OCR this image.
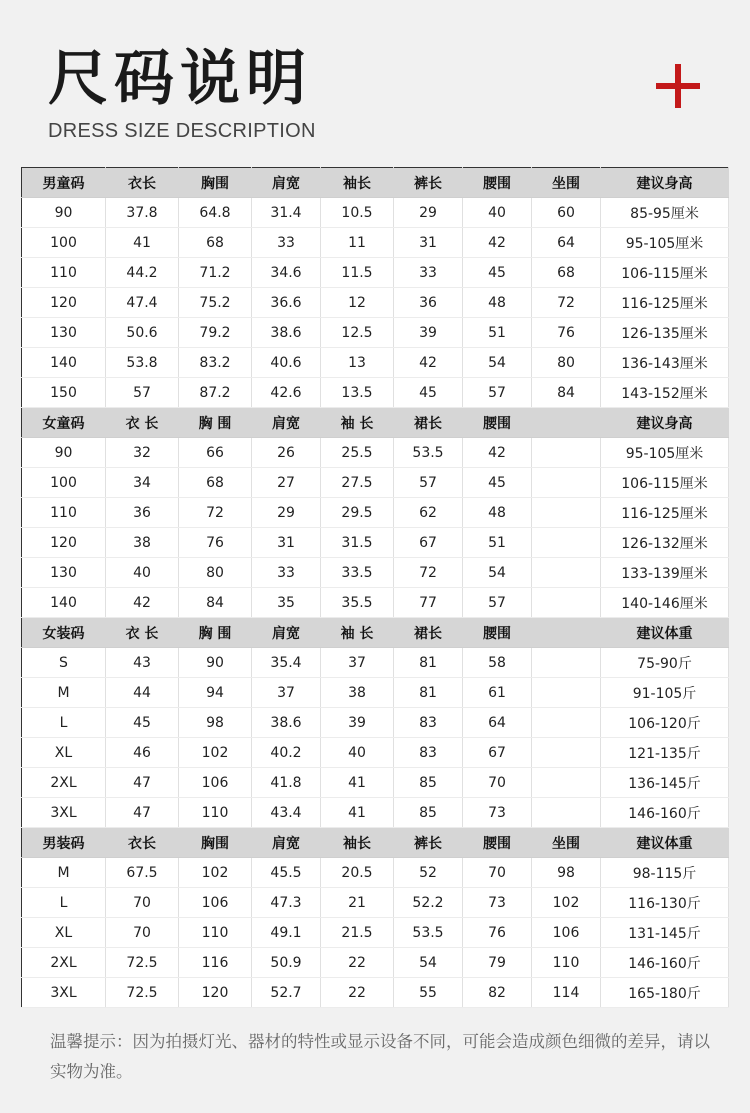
尺码说明
DRESS SIZE DESCRIPTION
男童码	衣长	胸围	肩宽	袖长	裤长	腰围	坐围	建议身高
90	37.8	64.8	31.4	10.5	29	40	60	85-95厘米
100	41	68	33	11	31	42	64	95-105厘米
110	44.2	71.2	34.6	11.5	33	45	68	106-115厘米
120	47.4	75.2	36.6	12	36	48	72	116-125厘米
130	50.6	79.2	38.6	12.5	39	51	76	126-135厘米
140	53.8	83.2	40.6	13	42	54	80	136-143厘米
150	57	87.2	42.6	13.5	45	57	84	143-152厘米
女童码	衣 长	胸 围	肩宽	袖 长	裙长	腰围		建议身高
90	32	66	26	25.5	53.5	42		95-105厘米
100	34	68	27	27.5	57	45		106-115厘米
110	36	72	29	29.5	62	48		116-125厘米
120	38	76	31	31.5	67	51		126-132厘米
130	40	80	33	33.5	72	54		133-139厘米
140	42	84	35	35.5	77	57		140-146厘米
女装码	衣 长	胸 围	肩宽	袖 长	裙长	腰围		建议体重
S	43	90	35.4	37	81	58		75-90斤
M	44	94	37	38	81	61		91-105斤
L	45	98	38.6	39	83	64		106-120斤
XL	46	102	40.2	40	83	67		121-135斤
2XL	47	106	41.8	41	85	70		136-145斤
3XL	47	110	43.4	41	85	73		146-160斤
男装码	衣长	胸围	肩宽	袖长	裤长	腰围	坐围	建议体重
M	67.5	102	45.5	20.5	52	70	98	98-115斤
L	70	106	47.3	21	52.2	73	102	116-130斤
XL	70	110	49.1	21.5	53.5	76	106	131-145斤
2XL	72.5	116	50.9	22	54	79	110	146-160斤
3XL	72.5	120	52.7	22	55	82	114	165-180斤
温馨提示：因为拍摄灯光、器材的特性或显示设备不同，可能会造成颜色细微的差异，请以实物为准。
